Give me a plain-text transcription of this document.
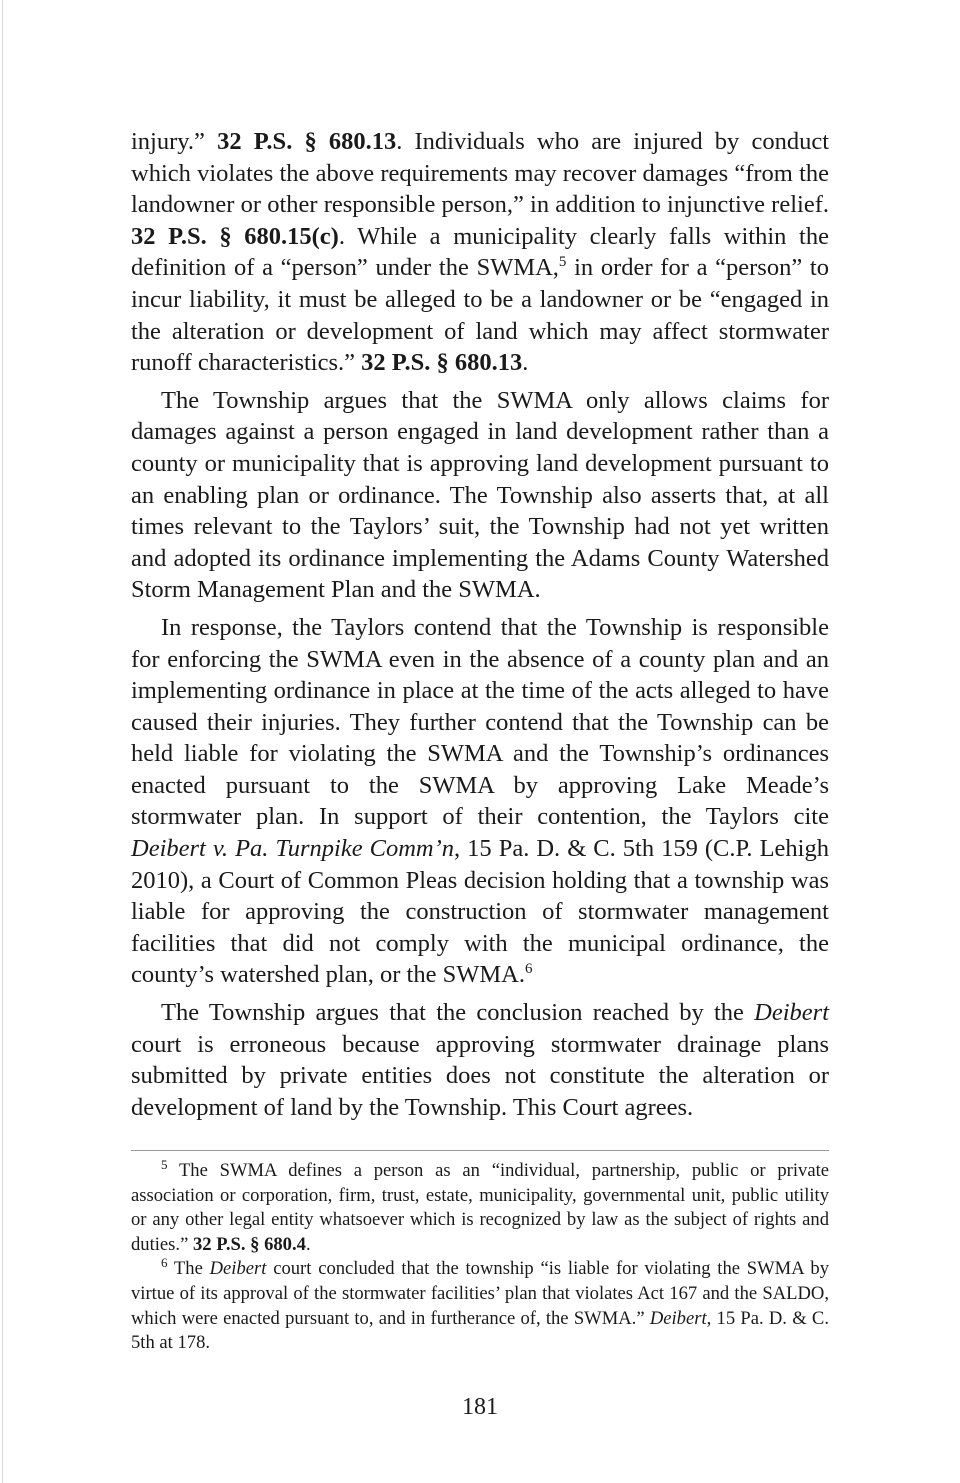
injury.” 32 P.S. § 680.13. Individuals who are injured by conduct which violates the above requirements may recover damages “from the landowner or other responsible person,” in addition to injunctive relief. 32 P.S. § 680.15(c). While a municipality clearly falls within the definition of a “person” under the SWMA,$^5$ in order for a “person” to incur liability, it must be alleged to be a landowner or be “engaged in the alteration or development of land which may affect stormwater runoff characteristics.” 32 P.S. § 680.13.

The Township argues that the SWMA only allows claims for damages against a person engaged in land development rather than a county or municipality that is approving land development pursuant to an enabling plan or ordinance. The Township also asserts that, at all times relevant to the Taylors’ suit, the Township had not yet written and adopted its ordinance implementing the Adams County Watershed Storm Management Plan and the SWMA.

In response, the Taylors contend that the Township is responsible for enforcing the SWMA even in the absence of a county plan and an implementing ordinance in place at the time of the acts alleged to have caused their injuries. They further contend that the Township can be held liable for violating the SWMA and the Township’s ordinances enacted pursuant to the SWMA by approving Lake Meade’s stormwater plan. In support of their contention, the Taylors cite Deibert v. Pa. Turnpike Comm’n, 15 Pa. D. & C. 5th 159 (C.P. Lehigh 2010), a Court of Common Pleas decision holding that a township was liable for approving the construction of stormwater management facilities that did not comply with the municipal ordinance, the county’s watershed plan, or the SWMA.$^6$

The Township argues that the conclusion reached by the Deibert court is erroneous because approving stormwater drainage plans submitted by private entities does not constitute the alteration or development of land by the Township. This Court agrees.

$^5$ The SWMA defines a person as an “individual, partnership, public or private association or corporation, firm, trust, estate, municipality, governmental unit, public utility or any other legal entity whatsoever which is recognized by law as the subject of rights and duties.” 32 P.S. § 680.4.

$^6$ The Deibert court concluded that the township “is liable for violating the SWMA by virtue of its approval of the stormwater facilities’ plan that violates Act 167 and the SALDO, which were enacted pursuant to, and in furtherance of, the SWMA.” Deibert, 15 Pa. D. & C. 5th at 178.

181
